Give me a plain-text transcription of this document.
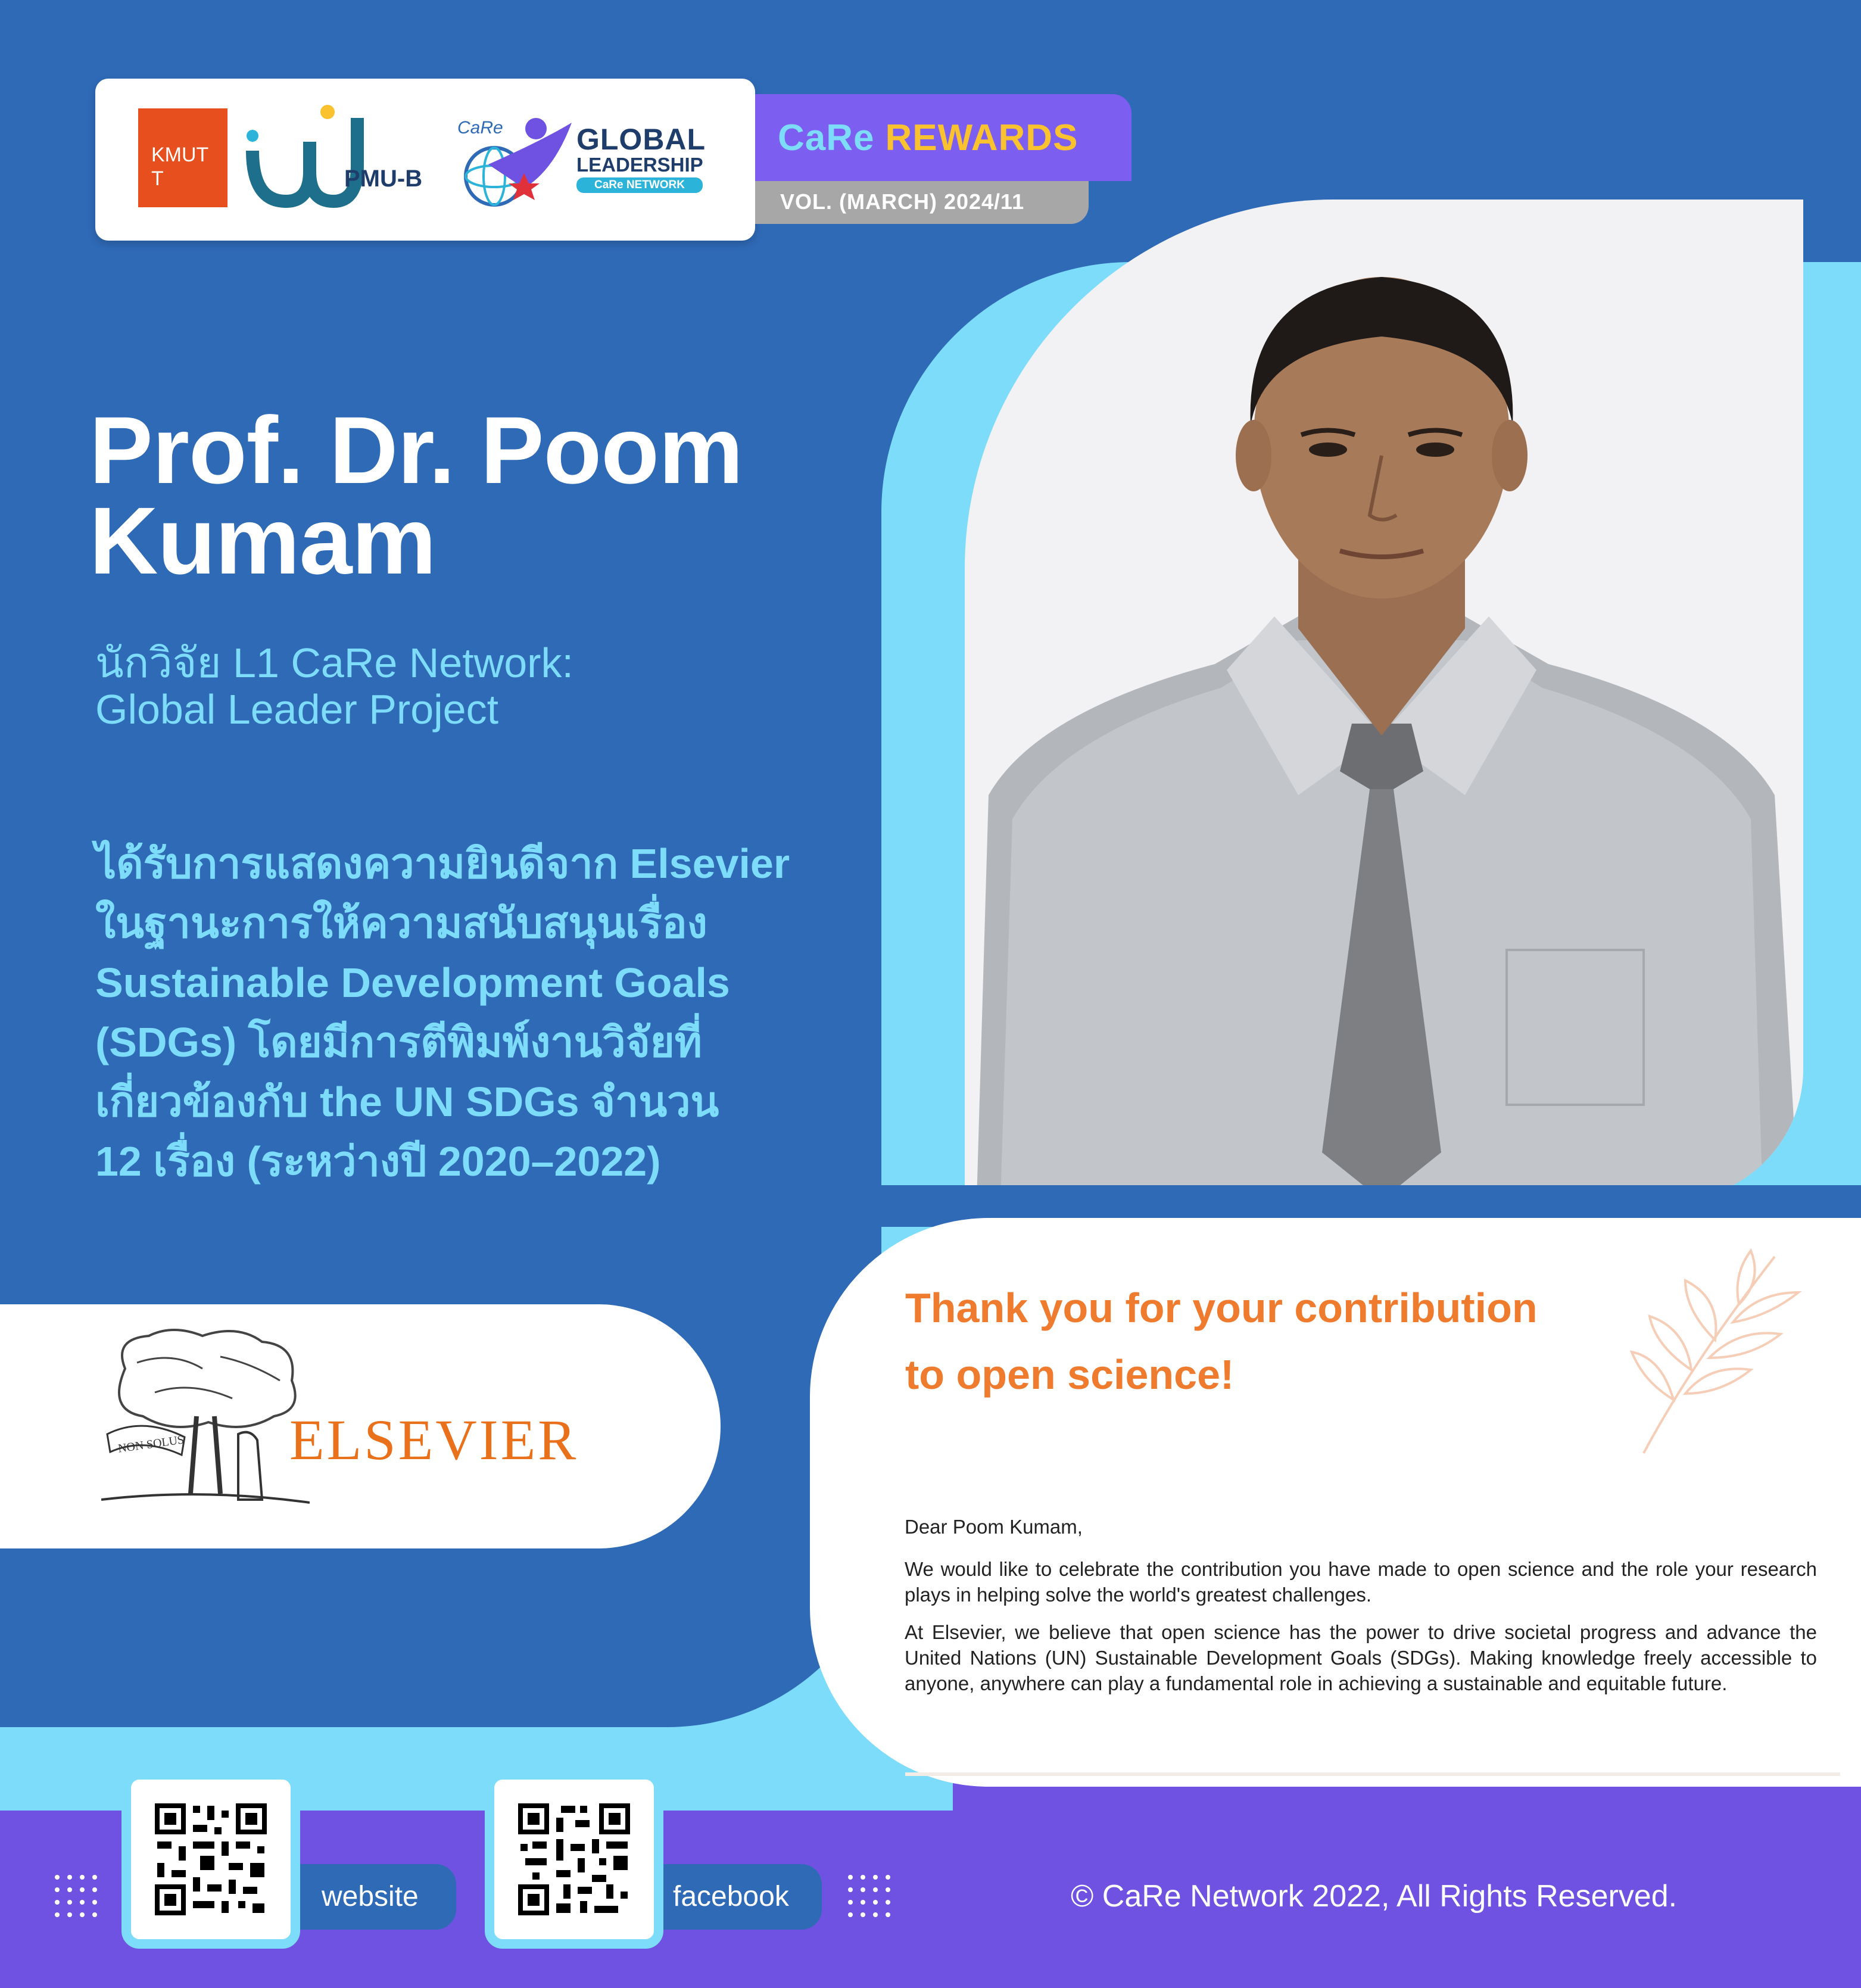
KMUTT	PMU-B
CaRe GLOBAL
LEADERSHIP
CaRe NETWORK
CaRe REWARDS
VOL. (MARCH) 2024/11
Prof. Dr. Poom
Kumam
นักวิจัย L1 CaRe Network:
Global Leader Project
ได้รับการแสดงความยินดีจาก Elsevier
ในฐานะการให้ความสนับสนุนเรื่อง
Sustainable Development Goals
(SDGs) โดยมีการตีพิมพ์งานวิจัยที่
เกี่ยวข้องกับ the UN SDGs จำนวน
12 เรื่อง (ระหว่างปี 2020–2022)
NON SOLUS ELSEVIER
Thank you for your contribution
to open science!

Dear Poom Kumam,

We would like to celebrate the contribution you have made to open science and the role your research plays in helping solve the world's greatest challenges.

At Elsevier, we believe that open science has the power to drive societal progress and advance the United Nations (UN) Sustainable Development Goals (SDGs). Making knowledge freely accessible to anyone, anywhere can play a fundamental role in achieving a sustainable and equitable future.

website	facebook	© CaRe Network 2022, All Rights Reserved.
